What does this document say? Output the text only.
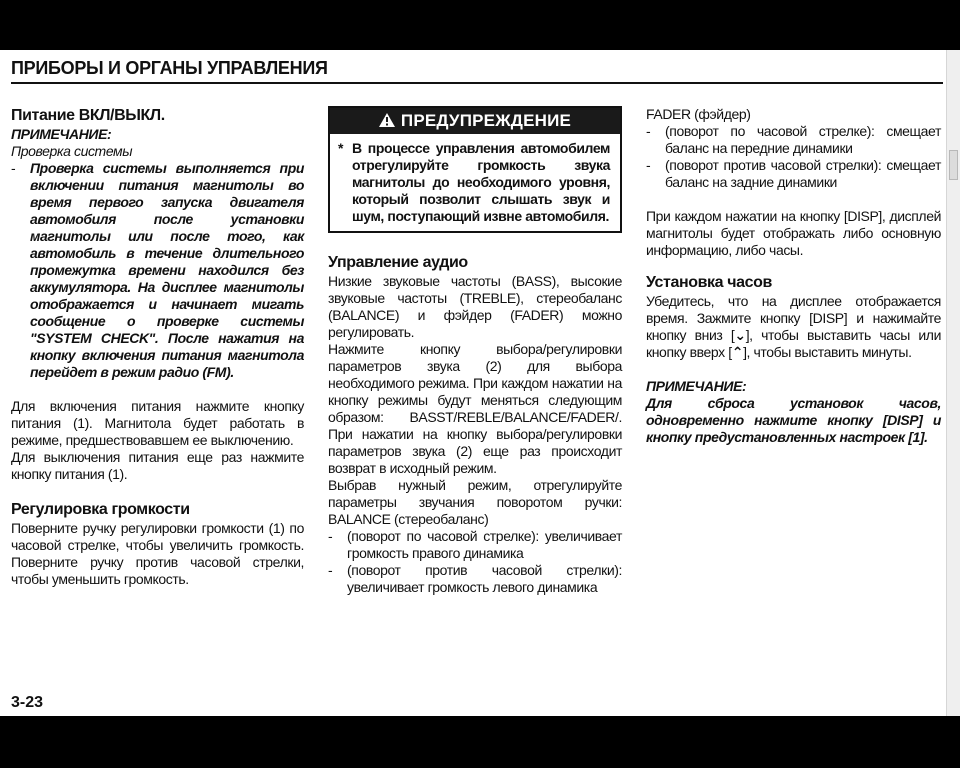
ПРИБОРЫ И ОРГАНЫ УПРАВЛЕНИЯ
Питание ВКЛ/ВЫКЛ.

ПРИМЕЧАНИЕ:

Проверка системы

-	Проверка системы выполняется при включении питания магнитолы во время первого запуска двигателя автомобиля после установки магнитолы или после того, как автомобиль в течение длительного промежутка времени находился без аккумулятора. На дисплее магнитолы отображается и начинает мигать сообщение о проверке системы "SYSTEM CHECK". После нажатия на кнопку включения питания магнитола перейдет в режим радио (FM).

Для включения питания нажмите кнопку питания (1). Магнитола будет работать в режиме, предшествовавшем ее выключению.

Для выключения питания еще раз нажмите кнопку питания (1).

Регулировка громкости

Поверните ручку регулировки громкости (1) по часовой стрелке, чтобы увеличить громкость. Поверните ручку против часовой стрелки, чтобы уменьшить громкость.

ПРЕДУПРЕЖДЕНИЕ
* В процессе управления автомобилем отрегулируйте громкость звука магнитолы до необходимого уровня, который позволит слышать звук и шум, поступающий извне автомобиля.
Управление аудио

Низкие звуковые частоты (BASS), высокие звуковые частоты (TREBLE), стереобаланс (BALANCE) и фэйдер (FADER) можно регулировать.

Нажмите кнопку выбора/регулировки параметров звука (2) для выбора необходимого режима. При каждом нажатии на кнопку режимы будут меняться следующим образом: BASST/REBLE/BALANCE/FADER/. При нажатии на кнопку выбора/регулировки параметров звука (2) еще раз происходит возврат в исходный режим.

Выбрав нужный режим, отрегулируйте параметры звучания поворотом ручки: BALANCE (стереобаланс)

-	(поворот по часовой стрелке): увеличивает громкость правого динамика
-	(поворот против часовой стрелки): увеличивает громкость левого динамика

FADER (фэйдер)

-	(поворот по часовой стрелке): смещает баланс на передние динамики
-	(поворот против часовой стрелки): смещает баланс на задние динамики

При каждом нажатии на кнопку [DISP], дисплей магнитолы будет отображать либо основную информацию, либо часы.

Установка часов

Убедитесь, что на дисплее отображается время. Зажмите кнопку [DISP] и нажимайте кнопку вниз [⌄], чтобы выставить часы или кнопку вверх [⌃], чтобы выставить минуты.

ПРИМЕЧАНИЕ:

Для сброса установок часов, одновременно нажмите кнопку [DISP] и кнопку предустановленных настроек [1].

3-23
